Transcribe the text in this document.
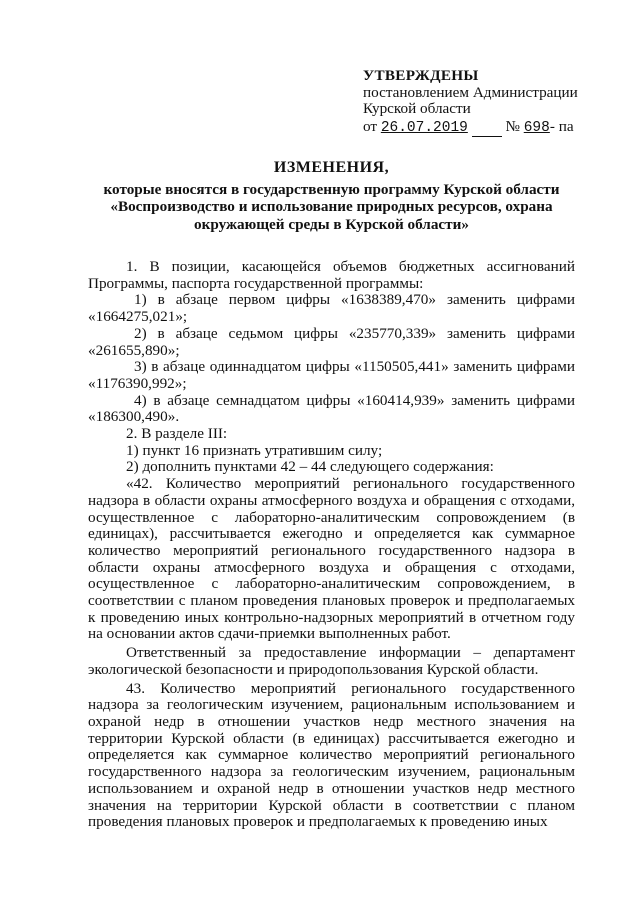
УТВЕРЖДЕНЫ
постановлением Администрации
Курской области
от 26.07.2019 № 698- па
ИЗМЕНЕНИЯ,
которые вносятся в государственную программу Курской области «Воспроизводство и использование природных ресурсов, охрана окружающей среды в Курской области»
1. В позиции, касающейся объемов бюджетных ассигнований Программы, паспорта государственной программы:
1) в абзаце первом цифры «1638389,470» заменить цифрами «1664275,021»;
2) в абзаце седьмом цифры «235770,339» заменить цифрами «261655,890»;
3) в абзаце одиннадцатом цифры «1150505,441» заменить цифрами «1176390,992»;
4) в абзаце семнадцатом цифры «160414,939» заменить цифрами «186300,490».
2. В разделе III:
1) пункт 16 признать утратившим силу;
2) дополнить пунктами 42 – 44 следующего содержания:
«42. Количество мероприятий регионального государственного надзора в области охраны атмосферного воздуха и обращения с отходами, осуществленное с лабораторно-аналитическим сопровождением (в единицах), рассчитывается ежегодно и определяется как суммарное количество мероприятий регионального государственного надзора в области охраны атмосферного воздуха и обращения с отходами, осуществленное с лабораторно-аналитическим сопровождением, в соответствии с планом проведения плановых проверок и предполагаемых к проведению иных контрольно-надзорных мероприятий в отчетном году на основании актов сдачи-приемки выполненных работ.
Ответственный за предоставление информации – департамент экологической безопасности и природопользования Курской области.
43. Количество мероприятий регионального государственного надзора за геологическим изучением, рациональным использованием и охраной недр в отношении участков недр местного значения на территории Курской области (в единицах) рассчитывается ежегодно и определяется как суммарное количество мероприятий регионального государственного надзора за геологическим изучением, рациональным использованием и охраной недр в отношении участков недр местного значения на территории Курской области в соответствии с планом проведения плановых проверок и предполагаемых к проведению иных
